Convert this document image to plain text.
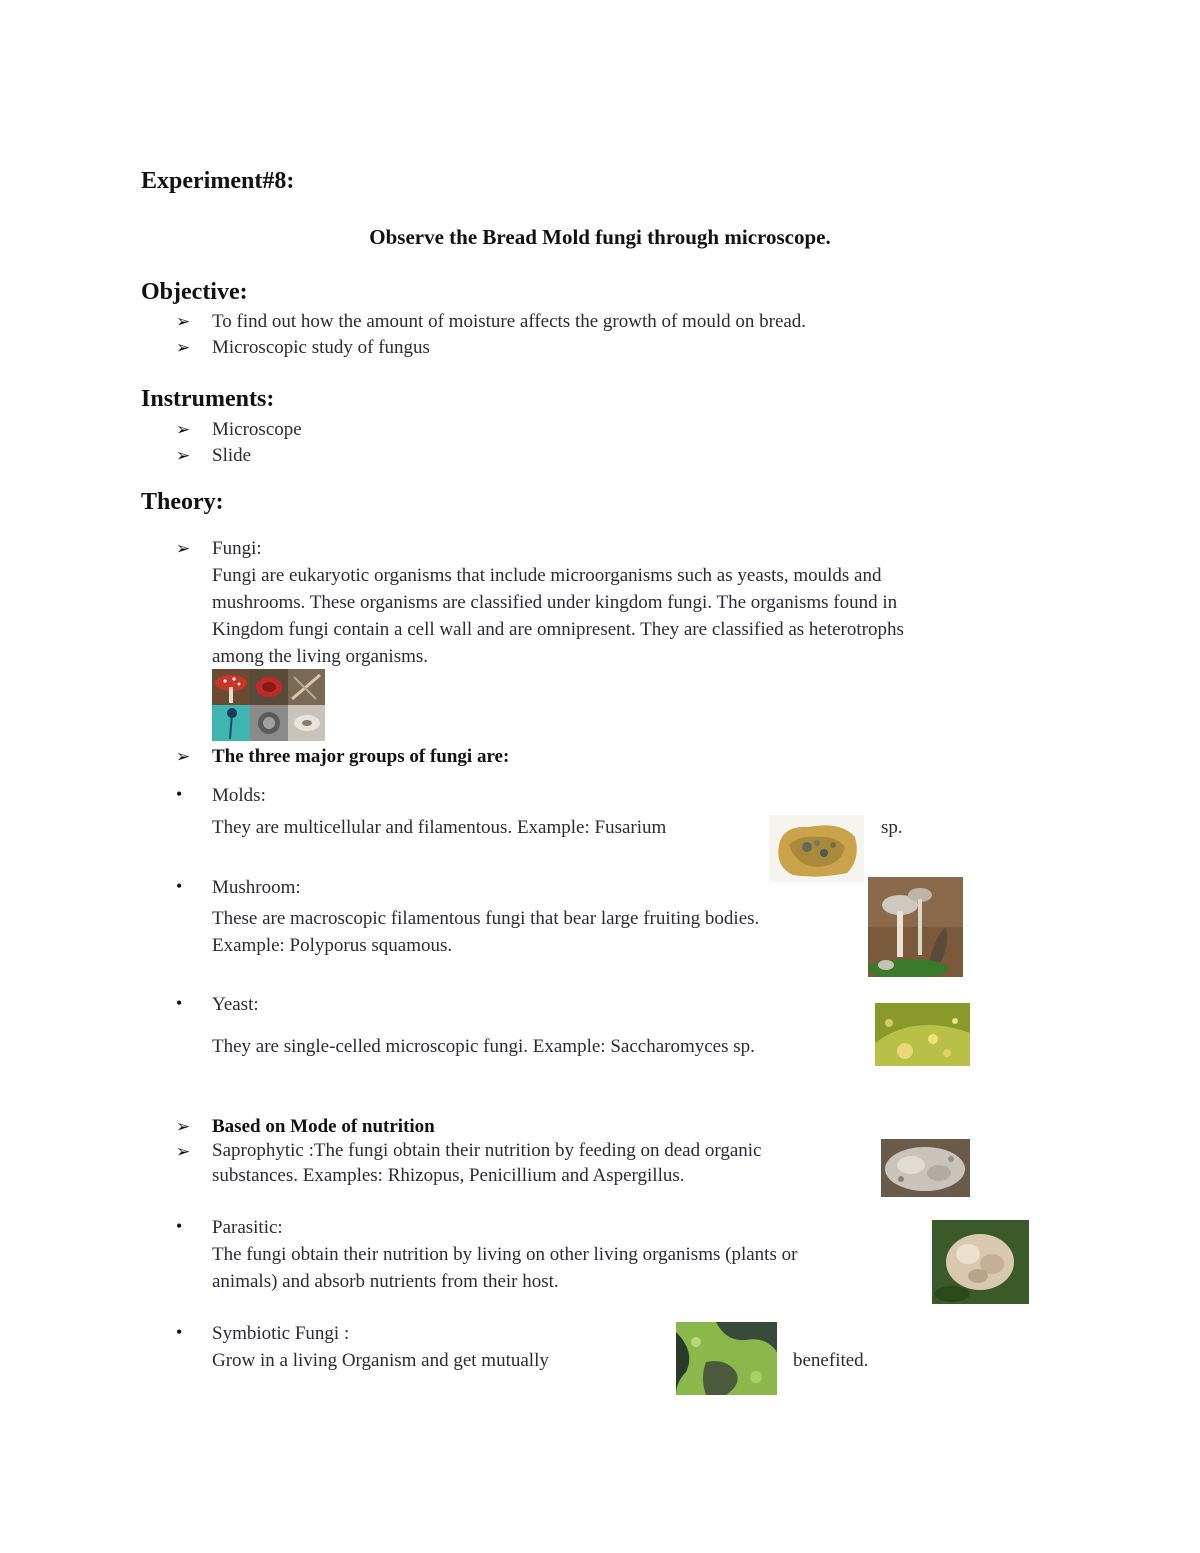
Experiment#8:
Observe the Bread Mold fungi through microscope.
Objective:
➢ To find out how the amount of moisture affects the growth of mould on bread.
➢ Microscopic study of fungus
Instruments:
➢ Microscope
➢ Slide
Theory:
➢ Fungi:
Fungi are eukaryotic organisms that include microorganisms such as yeasts, moulds and
mushrooms. These organisms are classified under kingdom fungi. The organisms found in
Kingdom fungi contain a cell wall and are omnipresent. They are classified as heterotrophs
among the living organisms.
➢ The three major groups of fungi are:
• Molds:
They are multicellular and filamentous. Example: Fusarium	sp.
• Mushroom:
These are macroscopic filamentous fungi that bear large fruiting bodies.
Example: Polyporus squamous.
• Yeast:
They are single-celled microscopic fungi. Example: Saccharomyces sp.
➢ Based on Mode of nutrition
➢ Saprophytic :The fungi obtain their nutrition by feeding on dead organic
substances. Examples: Rhizopus, Penicillium and Aspergillus.
• Parasitic:
The fungi obtain their nutrition by living on other living organisms (plants or
animals) and absorb nutrients from their host.
• Symbiotic Fungi :
Grow in a living Organism and get mutually	benefited.
